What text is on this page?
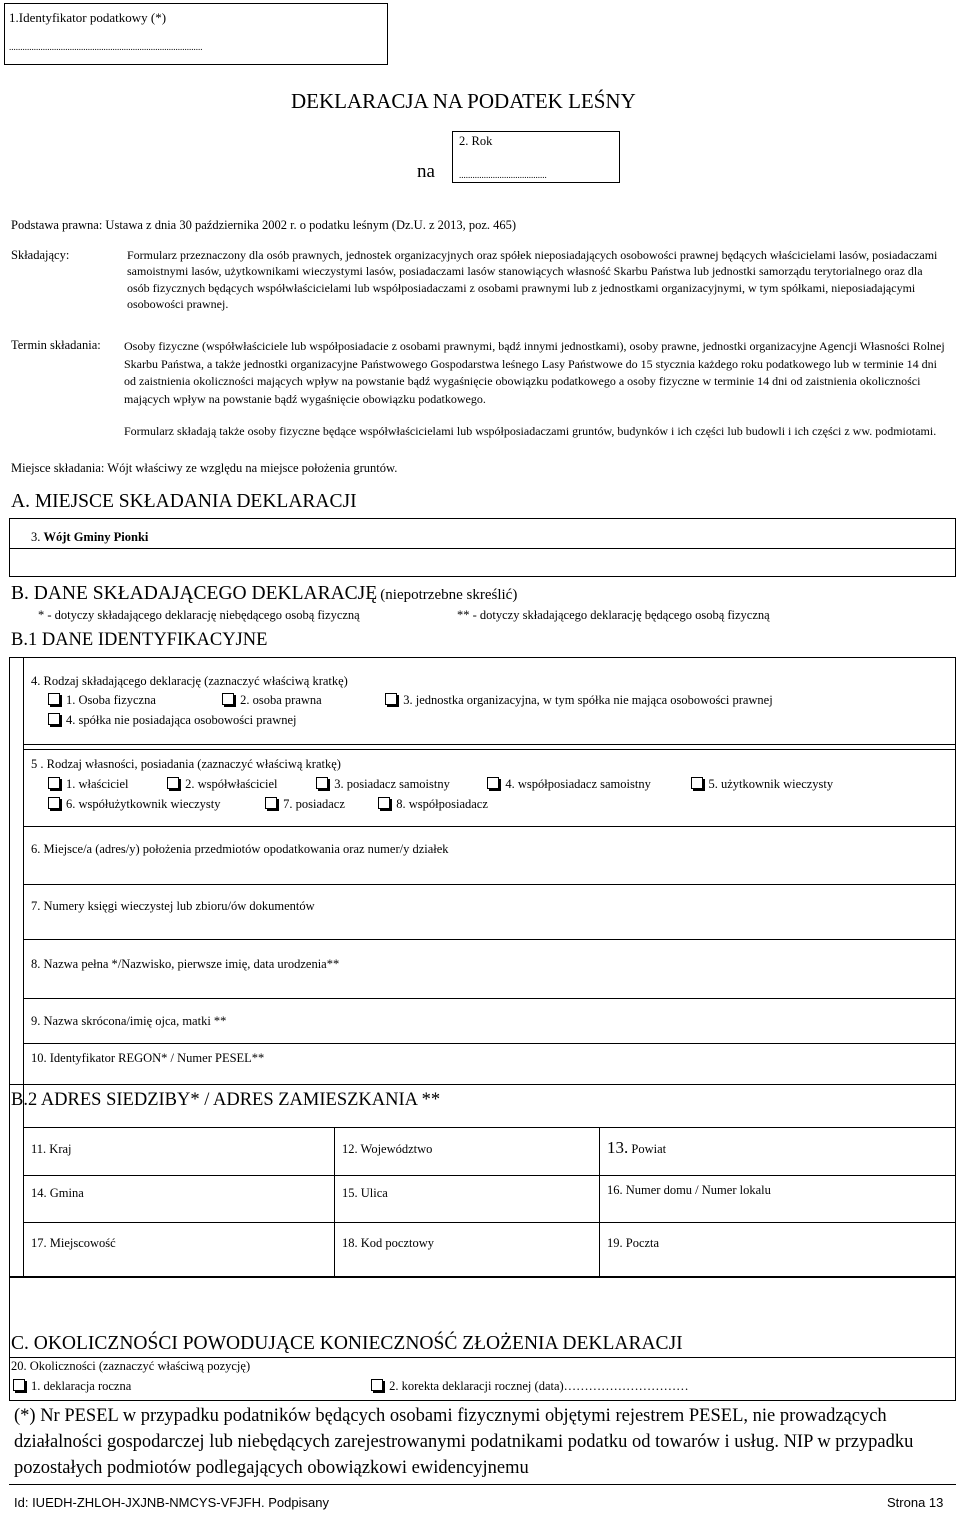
1.Identyfikator podatkowy (*)
......................................................................................
DEKLARACJA NA PODATEK LEŚNY
na
2. Rok
.......................................
Podstawa prawna: Ustawa z dnia 30 października 2002 r. o podatku leśnym (Dz.U. z 2013, poz. 465)
Składający:	Formularz przeznaczony dla osób prawnych, jednostek organizacyjnych oraz spółek nieposiadających osobowości prawnej będących właścicielami lasów, posiadaczami samoistnymi lasów, użytkownikami wieczystymi lasów, posiadaczami lasów stanowiących własność Skarbu Państwa lub jednostki samorządu terytorialnego oraz dla osób fizycznych będących współwłaścicielami lub współposiadaczami z osobami prawnymi lub z jednostkami organizacyjnymi, w tym spółkami, nieposiadającymi osobowości prawnej.
Termin składania: Osoby fizyczne (współwłaściciele lub współposiadacie z osobami prawnymi, bądź innymi jednostkami), osoby prawne, jednostki organizacyjne Agencji Własności Rolnej Skarbu Państwa, a także jednostki organizacyjne Państwowego Gospodarstwa leśnego Lasy Państwowe do 15 stycznia każdego roku podatkowego lub w terminie 14 dni od zaistnienia okoliczności mających wpływ na powstanie bądź wygaśnięcie obowiązku podatkowego a osoby fizyczne w terminie 14 dni od zaistnienia okoliczności mających wpływ na powstanie bądź wygaśnięcie obowiązku podatkowego.
Formularz składają także osoby fizyczne będące współwłaścicielami lub współposiadaczami gruntów, budynków i ich części lub budowli i ich części z ww. podmiotami.
Miejsce składania: Wójt właściwy ze względu na miejsce położenia gruntów.
A. MIEJSCE SKŁADANIA DEKLARACJI
3. Wójt Gminy Pionki
B. DANE SKŁADAJĄCEGO DEKLARACJĘ (niepotrzebne skreślić)
* - dotyczy składającego deklarację niebędącego osobą fizyczną	** - dotyczy składającego deklarację będącego osobą fizyczną
B.1 DANE IDENTYFIKACYJNE
4. Rodzaj składającego deklarację (zaznaczyć właściwą kratkę)
1. Osoba fizyczna	2. osoba prawna	3. jednostka organizacyjna, w tym spółka nie mająca osobowości prawnej
4. spółka nie posiadająca osobowości prawnej
5 . Rodzaj własności, posiadania (zaznaczyć właściwą kratkę)
1. właściciel	2. współwłaściciel	3. posiadacz samoistny	4. współposiadacz samoistny	5. użytkownik wieczysty
6. współużytkownik wieczysty	7. posiadacz	8. współposiadacz
6. Miejsce/a (adres/y) położenia przedmiotów opodatkowania oraz numer/y działek
7. Numery księgi wieczystej lub zbioru/ów dokumentów
8. Nazwa pełna */Nazwisko, pierwsze imię, data urodzenia**
9. Nazwa skrócona/imię ojca, matki **
10. Identyfikator REGON* / Numer PESEL**
B.2 ADRES SIEDZIBY* / ADRES ZAMIESZKANIA **
11. Kraj	12. Województwo	13. Powiat
14. Gmina	15. Ulica	16. Numer domu / Numer lokalu
17. Miejscowość	18. Kod pocztowy	19. Poczta
C. OKOLICZNOŚCI POWODUJĄCE KONIECZNOŚĆ ZŁOŻENIA DEKLARACJI
20. Okoliczności (zaznaczyć właściwą pozycję)
1. deklaracja roczna	2. korekta deklaracji rocznej (data)…………………………
(*) Nr PESEL w przypadku podatników będących osobami fizycznymi objętymi rejestrem PESEL, nie prowadzących działalności gospodarczej lub niebędących zarejestrowanymi podatnikami podatku od towarów i usług. NIP w przypadku pozostałych podmiotów podlegających obowiązkowi ewidencyjnemu
Id: IUEDH-ZHLOH-JXJNB-NMCYS-VFJFH. Podpisany	Strona 13
